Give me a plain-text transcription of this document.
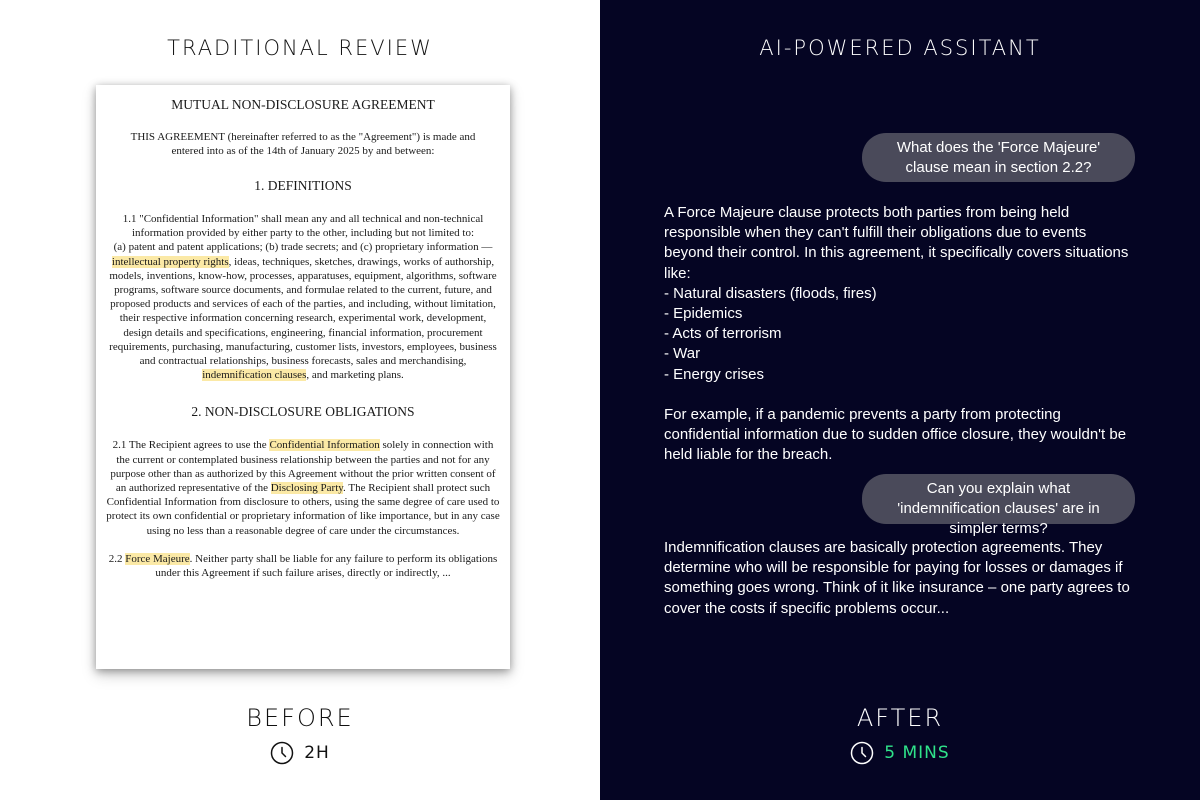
TRADITIONAL REVIEW
MUTUAL NON-DISCLOSURE AGREEMENT
THIS AGREEMENT (hereinafter referred to as the "Agreement") is made and entered into as of the 14th of January 2025 by and between:
1. DEFINITIONS
1.1 "Confidential Information" shall mean any and all technical and non-technical information provided by either party to the other, including but not limited to:
(a) patent and patent applications; (b) trade secrets; and (c) proprietary information — intellectual property rights, ideas, techniques, sketches, drawings, works of authorship, models, inventions, know-how, processes, apparatuses, equipment, algorithms, software programs, software source documents, and formulae related to the current, future, and proposed products and services of each of the parties, and including, without limitation, their respective information concerning research, experimental work, development, design details and specifications, engineering, financial information, procurement requirements, purchasing, manufacturing, customer lists, investors, employees, business and contractual relationships, business forecasts, sales and merchandising, indemnification clauses, and marketing plans.
2. NON-DISCLOSURE OBLIGATIONS
2.1 The Recipient agrees to use the Confidential Information solely in connection with the current or contemplated business relationship between the parties and not for any purpose other than as authorized by this Agreement without the prior written consent of an authorized representative of the Disclosing Party. The Recipient shall protect such Confidential Information from disclosure to others, using the same degree of care used to protect its own confidential or proprietary information of like importance, but in any case using no less than a reasonable degree of care under the circumstances.
2.2 Force Majeure. Neither party shall be liable for any failure to perform its obligations under this Agreement if such failure arises, directly or indirectly, ...
BEFORE
2H
AI-POWERED ASSITANT
What does the 'Force Majeure' clause mean in section 2.2?

A Force Majeure clause protects both parties from being held responsible when they can't fulfill their obligations due to events beyond their control. In this agreement, it specifically covers situations like:
- Natural disasters (floods, fires)
- Epidemics
- Acts of terrorism
- War
- Energy crises

For example, if a pandemic prevents a party from protecting confidential information due to sudden office closure, they wouldn't be held liable for the breach.

Can you explain what 'indemnification clauses' are in simpler terms?

Indemnification clauses are basically protection agreements. They determine who will be responsible for paying for losses or damages if something goes wrong. Think of it like insurance – one party agrees to cover the costs if specific problems occur...

AFTER
5 MINS
